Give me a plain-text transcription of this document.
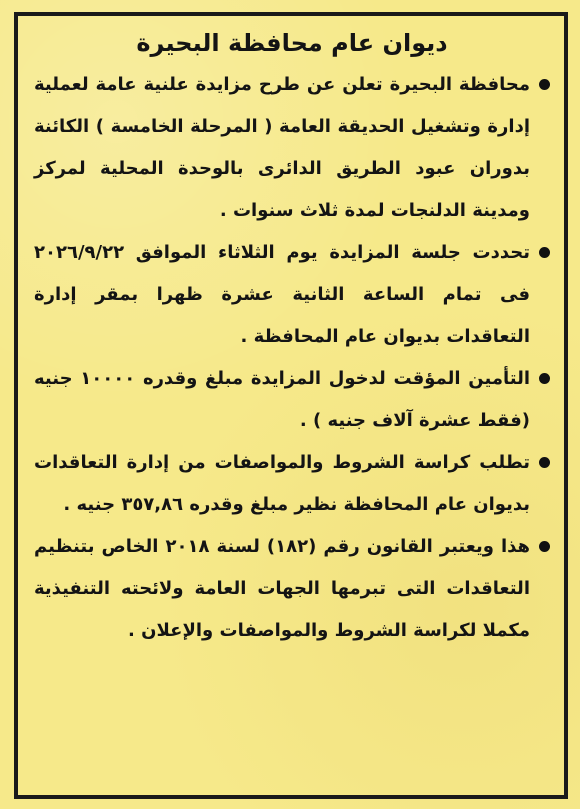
ديوان عام محافظة البحيرة
محافظة البحيرة تعلن عن طرح مزايدة علنية عامة لعملية إدارة وتشغيل الحديقة العامة ( المرحلة الخامسة ) الكائنة بدوران عبود الطريق الدائرى بالوحدة المحلية لمركز ومدينة الدلنجات لمدة ثلاث سنوات .
تحددت جلسة المزايدة يوم الثلاثاء الموافق ٢٠٢٦/٩/٢٢ فى تمام الساعة الثانية عشرة ظهرا بمقر إدارة التعاقدات بديوان عام المحافظة .
التأمين المؤقت لدخول المزايدة مبلغ وقدره ١٠٠٠٠ جنيه (فقط عشرة آلاف جنيه ) .
تطلب كراسة الشروط والمواصفات من إدارة التعاقدات بديوان عام المحافظة نظير مبلغ وقدره ٣٥٧,٨٦ جنيه .
هذا ويعتبر القانون رقم (١٨٢) لسنة ٢٠١٨ الخاص بتنظيم التعاقدات التى تبرمها الجهات العامة ولائحته التنفيذية مكملا لكراسة الشروط والمواصفات والإعلان .
